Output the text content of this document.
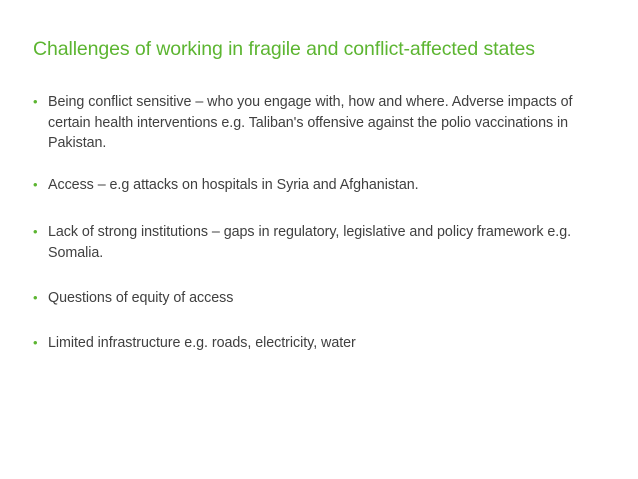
Challenges of working in fragile and conflict-affected states
• Being conflict sensitive – who you engage with, how and where. Adverse impacts of certain health interventions e.g. Taliban's offensive against the polio vaccinations in Pakistan.
• Access – e.g attacks on hospitals in Syria and Afghanistan.
• Lack of strong institutions – gaps in regulatory, legislative and policy framework e.g. Somalia.
• Questions of equity of access
• Limited infrastructure e.g. roads, electricity, water
